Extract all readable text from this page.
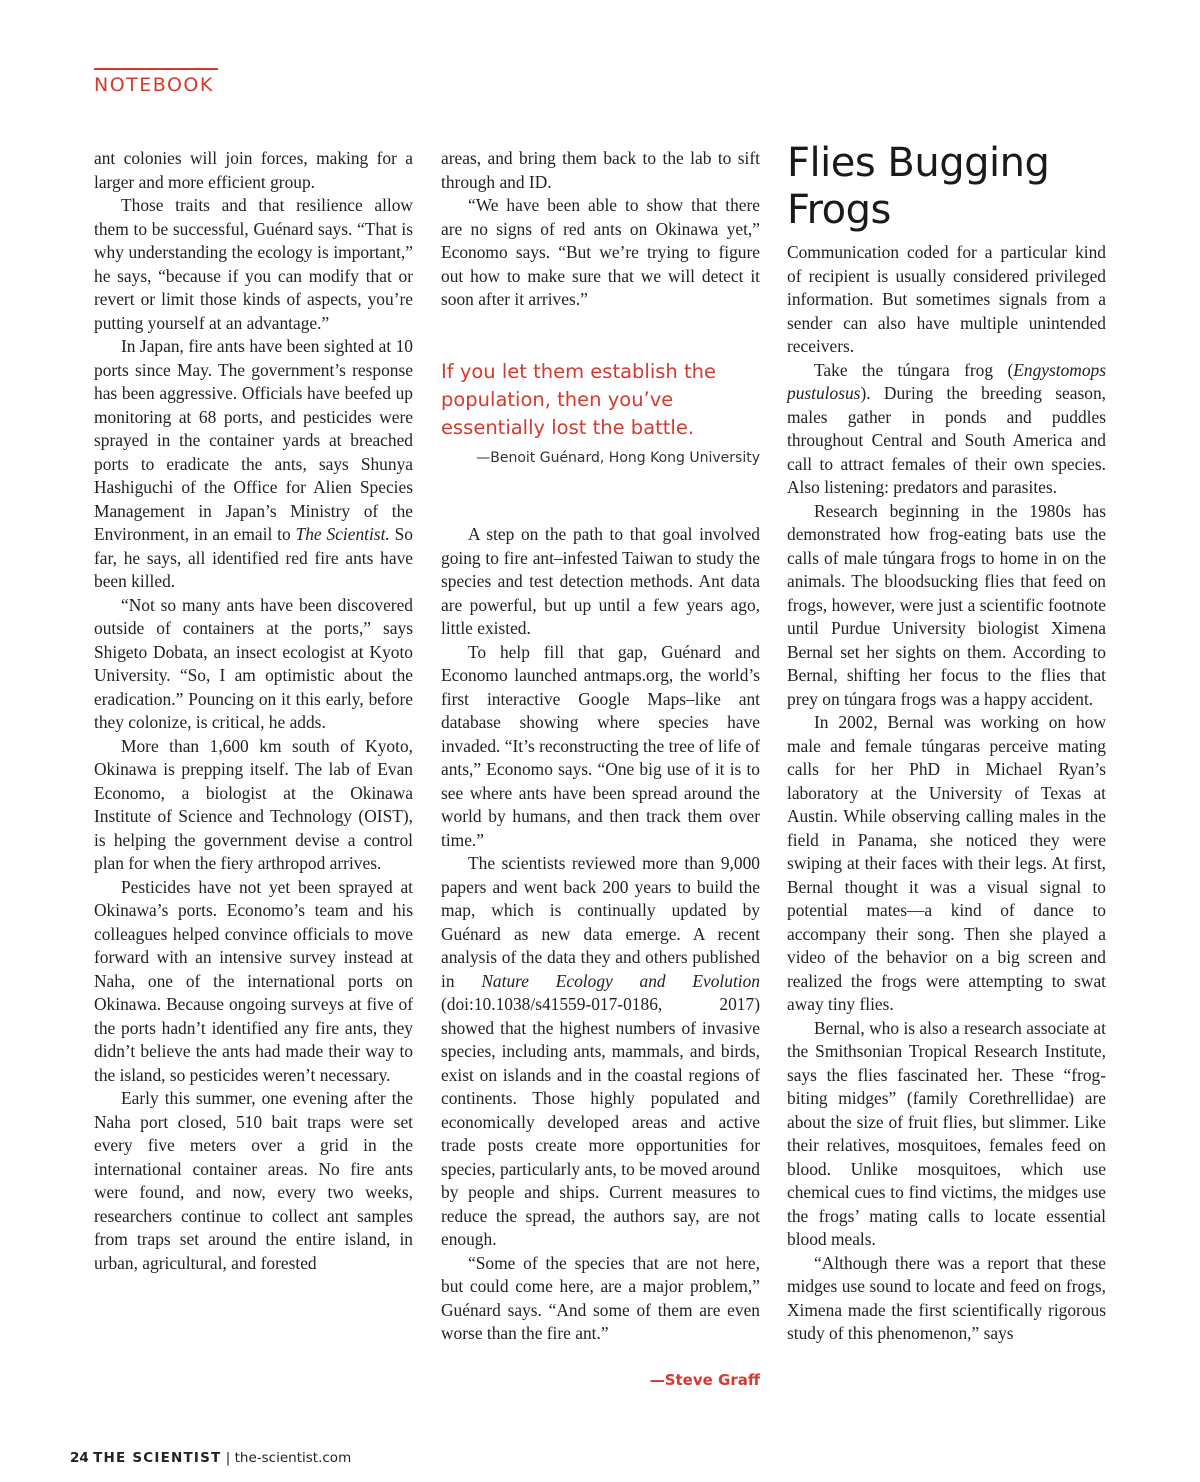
NOTEBOOK

ant colonies will join forces, making for a larger and more efficient group.

Those traits and that resilience allow them to be successful, Guénard says. “That is why understanding the ecology is important,” he says, “because if you can modify that or revert or limit those kinds of aspects, you’re putting yourself at an advantage.”

In Japan, fire ants have been sighted at 10 ports since May. The government’s response has been aggressive. Officials have beefed up monitoring at 68 ports, and pesticides were sprayed in the container yards at breached ports to eradicate the ants, says Shunya Hashiguchi of the Office for Alien Species Management in Japan’s Ministry of the Environment, in an email to The Scientist. So far, he says, all identified red fire ants have been killed.

“Not so many ants have been discovered outside of containers at the ports,” says Shigeto Dobata, an insect ecologist at Kyoto University. “So, I am optimistic about the eradication.” Pouncing on it this early, before they colonize, is critical, he adds.

More than 1,600 km south of Kyoto, Okinawa is prepping itself. The lab of Evan Economo, a biologist at the Okinawa Institute of Science and Technology (OIST), is helping the government devise a control plan for when the fiery arthropod arrives.

Pesticides have not yet been sprayed at Okinawa’s ports. Economo’s team and his colleagues helped convince officials to move forward with an intensive survey instead at Naha, one of the international ports on Okinawa. Because ongoing surveys at five of the ports hadn’t identified any fire ants, they didn’t believe the ants had made their way to the island, so pesticides weren’t necessary.

Early this summer, one evening after the Naha port closed, 510 bait traps were set every five meters over a grid in the international container areas. No fire ants were found, and now, every two weeks, researchers continue to collect ant samples from traps set around the entire island, in urban, agricultural, and forested

areas, and bring them back to the lab to sift through and ID.

“We have been able to show that there are no signs of red ants on Okinawa yet,” Economo says. “But we’re trying to figure out how to make sure that we will detect it soon after it arrives.”

If you let them establish the population, then you’ve essentially lost the battle.

—Benoit Guénard, Hong Kong University

A step on the path to that goal involved going to fire ant–infested Taiwan to study the species and test detection methods. Ant data are powerful, but up until a few years ago, little existed.

To help fill that gap, Guénard and Economo launched antmaps.org, the world’s first interactive Google Maps–like ant database showing where species have invaded. “It’s reconstructing the tree of life of ants,” Economo says. “One big use of it is to see where ants have been spread around the world by humans, and then track them over time.”

The scientists reviewed more than 9,000 papers and went back 200 years to build the map, which is continually updated by Guénard as new data emerge. A recent analysis of the data they and others published in Nature Ecology and Evolution (doi:10.1038/s41559-017-0186, 2017) showed that the highest numbers of invasive species, including ants, mammals, and birds, exist on islands and in the coastal regions of continents. Those highly populated and economically developed areas and active trade posts create more opportunities for species, particularly ants, to be moved around by people and ships. Current measures to reduce the spread, the authors say, are not enough.

“Some of the species that are not here, but could come here, are a major problem,” Guénard says. “And some of them are even worse than the fire ant.”

—Steve Graff
Flies Bugging Frogs

Communication coded for a particular kind of recipient is usually considered privileged information. But sometimes signals from a sender can also have multiple unintended receivers.

Take the túngara frog (Engystomops pustulosus). During the breeding season, males gather in ponds and puddles throughout Central and South America and call to attract females of their own species. Also listening: predators and parasites.

Research beginning in the 1980s has demonstrated how frog-eating bats use the calls of male túngara frogs to home in on the animals. The bloodsucking flies that feed on frogs, however, were just a scientific footnote until Purdue University biologist Ximena Bernal set her sights on them. According to Bernal, shifting her focus to the flies that prey on túngara frogs was a happy accident.

In 2002, Bernal was working on how male and female túngaras perceive mating calls for her PhD in Michael Ryan’s laboratory at the University of Texas at Austin. While observing calling males in the field in Panama, she noticed they were swiping at their faces with their legs. At first, Bernal thought it was a visual signal to potential mates—a kind of dance to accompany their song. Then she played a video of the behavior on a big screen and realized the frogs were attempting to swat away tiny flies.

Bernal, who is also a research associate at the Smithsonian Tropical Research Institute, says the flies fascinated her. These “frog-biting midges” (family Corethrellidae) are about the size of fruit flies, but slimmer. Like their relatives, mosquitoes, females feed on blood. Unlike mosquitoes, which use chemical cues to find victims, the midges use the frogs’ mating calls to locate essential blood meals.

“Although there was a report that these midges use sound to locate and feed on frogs, Ximena made the first scientifically rigorous study of this phenomenon,” says

24 THE SCIENTIST | the-scientist.com
